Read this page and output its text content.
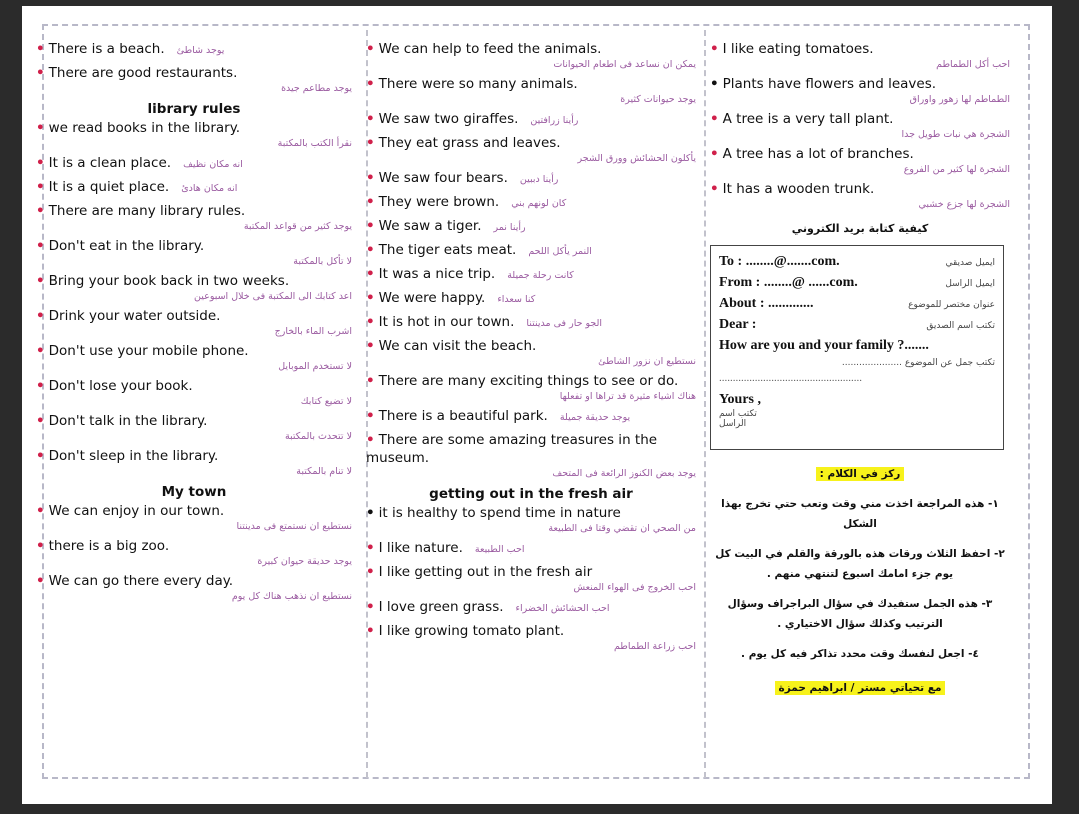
• There is a beach. يوجد شاطئ
• There are good restaurants.
يوجد مطاعم جيدة
library rules
• we read books in the library.
نقرأ الكتب بالمكتبة
• It is a clean place. انه مكان نظيف
• It is a quiet place. انه مكان هادئ
• There are many library rules.
يوجد كثير من قواعد المكتبة
• Don't eat in the library.
لا تأكل بالمكتبة
• Bring your book back in two weeks.
اعد كتابك الى المكتبة فى خلال اسبوعين
• Drink your water outside.
اشرب الماء بالخارج
• Don't use your mobile phone.
لا تستخدم الموبايل
• Don't lose your book.
لا تضيع كتابك
• Don't talk in the library.
لا تتحدث بالمكتبة
• Don't sleep in the library.
لا تنام بالمكتبة
My town
• We can enjoy in our town.
نستطيع ان نستمتع فى مدينتنا
• there is a big zoo.
يوجد حديقة حيوان كبيرة
• We can go there every day.
نستطيع ان نذهب هناك كل يوم
• We can help to feed the animals.
يمكن ان نساعد فى اطعام الحيوانات
• There were so many animals.
يوجد حيوانات كثيرة
• We saw two giraffes. رأينا زرافتين
• They eat grass and leaves.
يأكلون الحشائش وورق الشجر
• We saw four bears. رأينا دببين
• They were brown. كان لونهم بني
• We saw a tiger. رأينا نمر
• The tiger eats meat. النمر يأكل اللحم
• It was a nice trip. كانت رحلة جميلة
• We were happy. كنا سعداء
• It is hot in our town. الجو حار فى مدينتنا
• We can visit the beach.
نستطيع ان نزور الشاطئ
• There are many exciting things to see or do.
هناك اشياء مثيرة قد تراها او تفعلها
• There is a beautiful park. يوجد حديقة جميلة
• There are some amazing treasures in the museum.
يوجد بعض الكنوز الرائعة فى المتحف
getting out in the fresh air
• it is healthy to spend time in nature
من الصحي ان تقضي وقتا فى الطبيعة
• I like nature. احب الطبيعة
• I like getting out in the fresh air
احب الخروج فى الهواء المنعش
• I love green grass. احب الحشائش الخضراء
• I like growing tomato plant.
احب زراعة الطماطم
• I like eating tomatoes.
احب أكل الطماطم
• Plants have flowers and leaves.
الطماطم لها زهور واوراق
• A tree is a very tall plant.
الشجرة هي نبات طويل جدا
• A tree has a lot of branches.
الشجرة لها كثير من الفروع
• It has a wooden trunk.
الشجرة لها جزع خشبي
كيفية كتابة بريد الكتروني
To : ........@.......com.	ايميل صديقي
From : ........@ ......com.	ايميل الراسل
About : .............	عنوان مختصر للموضوع
Dear :	تكتب اسم الصديق
How are you and your family ?.......
تكتب جمل عن الموضوع .....................
....................................................
Yours ,
تكتب اسم الراسل
ركز في الكلام :
١- هذه المراجعة اخذت مني وقت وتعب حتي تخرج بهذا الشكل
٢- احفظ الثلاث ورقات هذه بالورقة والقلم في البيت كل يوم جزء امامك اسبوع لتنتهي منهم .
٣- هذه الجمل ستفيدك في سؤال البراجراف وسؤال الترتيب وكذلك سؤال الاختياري .
٤- اجعل لنفسك وقت محدد تذاكر فيه كل يوم .
مع تحياتي مستر / ابراهيم حمزة
